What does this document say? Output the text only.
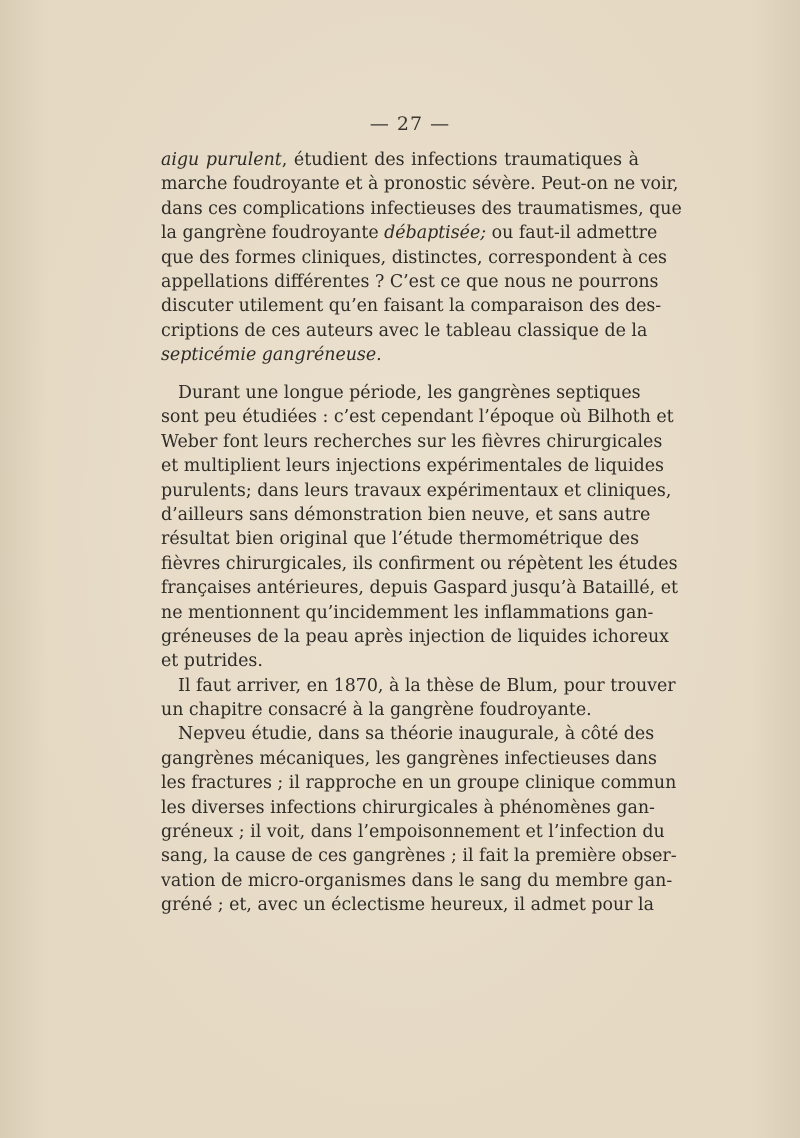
— 27 —
aigu purulent, étudient des infections traumatiques à
marche foudroyante et à pronostic sévère. Peut-on ne voir,
dans ces complications infectieuses des traumatismes, que
la gangrène foudroyante débaptisée; ou faut-il admettre
que des formes cliniques, distinctes, correspondent à ces
appellations différentes ? C’est ce que nous ne pourrons
discuter utilement qu’en faisant la comparaison des des-
criptions de ces auteurs avec le tableau classique de la
septicémie gangréneuse.
Durant une longue période, les gangrènes septiques
sont peu étudiées : c’est cependant l’époque où Bilhoth et
Weber font leurs recherches sur les fièvres chirurgicales
et multiplient leurs injections expérimentales de liquides
purulents; dans leurs travaux expérimentaux et cliniques,
d’ailleurs sans démonstration bien neuve, et sans autre
résultat bien original que l’étude thermométrique des
fièvres chirurgicales, ils confirment ou répètent les études
françaises antérieures, depuis Gaspard jusqu’à Bataillé, et
ne mentionnent qu’incidemment les inflammations gan-
gréneuses de la peau après injection de liquides ichoreux
et putrides.
Il faut arriver, en 1870, à la thèse de Blum, pour trouver
un chapitre consacré à la gangrène foudroyante.
Nepveu étudie, dans sa théorie inaugurale, à côté des
gangrènes mécaniques, les gangrènes infectieuses dans
les fractures ; il rapproche en un groupe clinique commun
les diverses infections chirurgicales à phénomènes gan-
gréneux ; il voit, dans l’empoisonnement et l’infection du
sang, la cause de ces gangrènes ; il fait la première obser-
vation de micro-organismes dans le sang du membre gan-
gréné ; et, avec un éclectisme heureux, il admet pour la
